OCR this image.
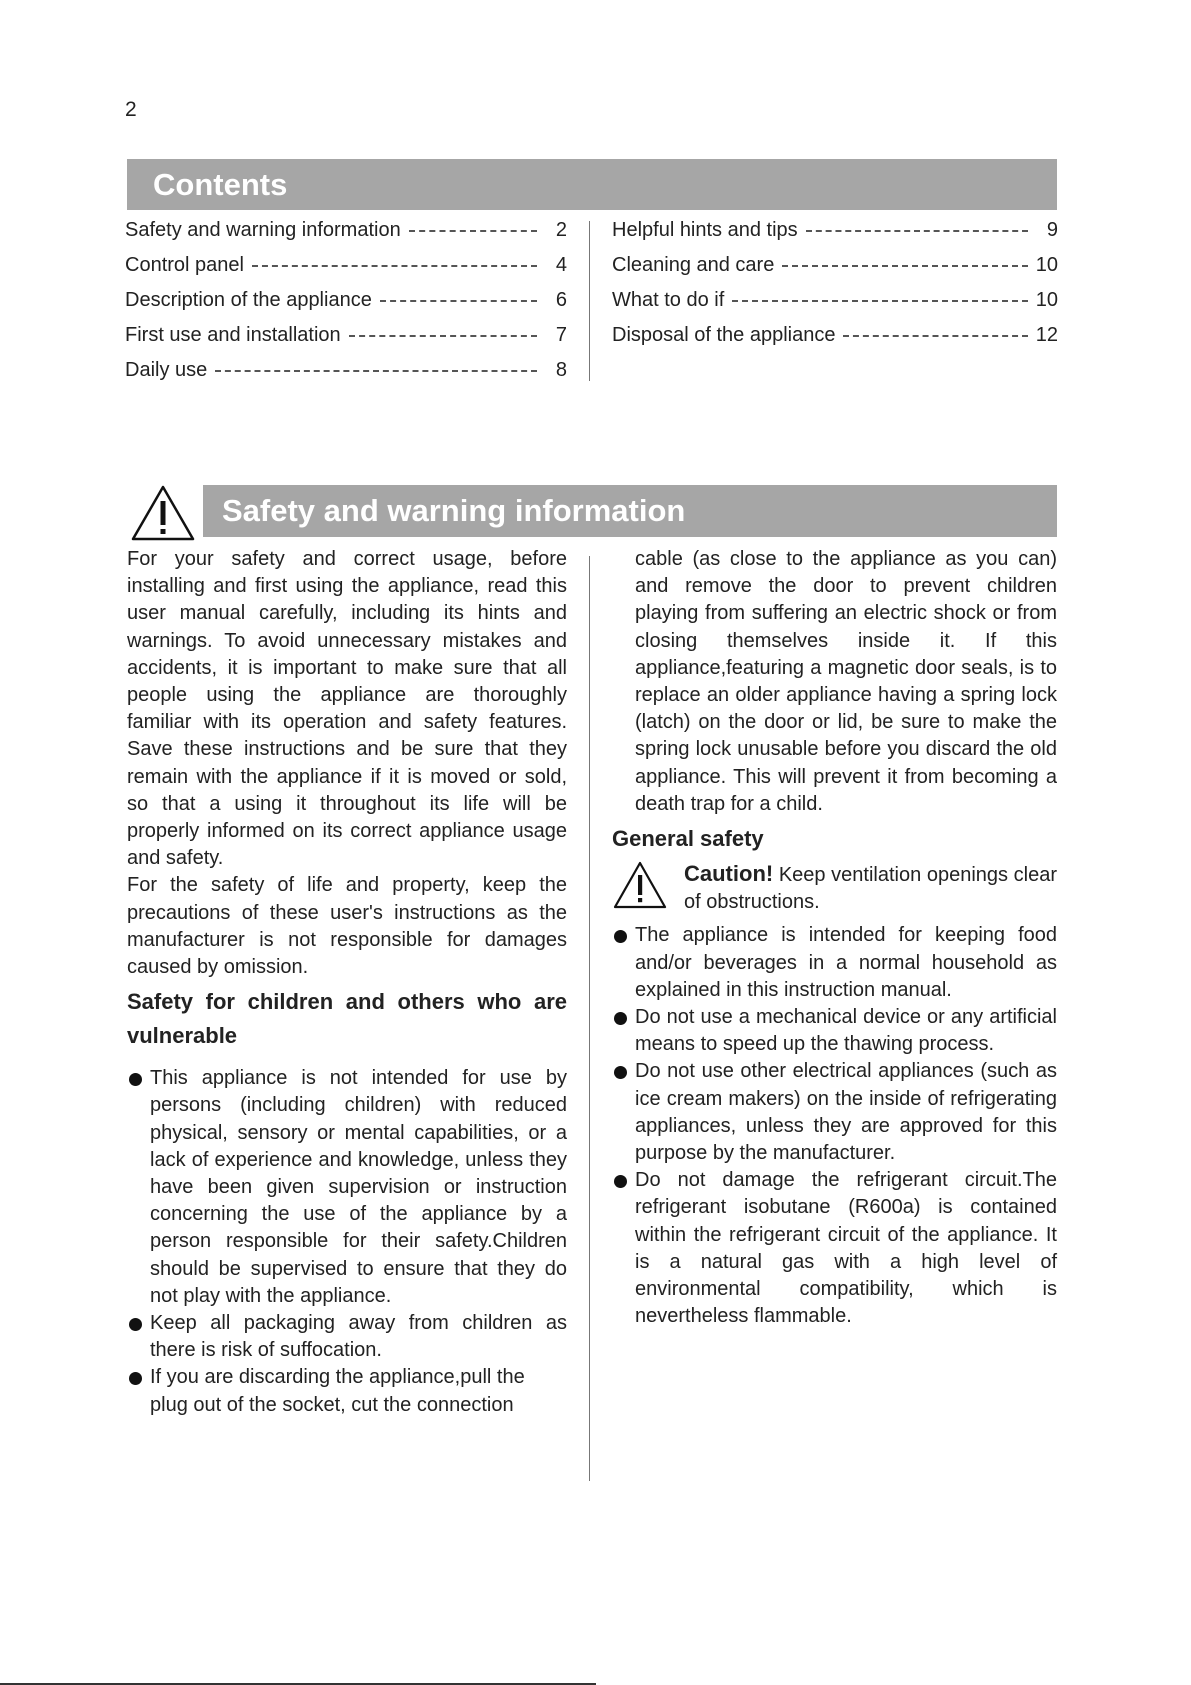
2
Contents
Safety and warning information	2
Control panel	4
Description of the appliance	6
First use and installation	7
Daily use	8
Helpful hints and tips	9
Cleaning and care	10
What to do if	10
Disposal of the appliance	12
Safety and warning information

For your safety and correct usage, before installing and first using the appliance, read this user manual carefully, including its hints and warnings. To avoid unnecessary mistakes and accidents, it is important to make sure that all people using the appliance are thoroughly familiar with its operation and safety features. Save these instructions and be sure that they remain with the appliance if it is moved or sold, so that a using it throughout its life will be properly informed on its correct appliance usage and safety.

For the safety of life and property, keep the precautions of these user's instructions as the manufacturer is not responsible for damages caused by omission.

Safety for children and others who are vulnerable
This appliance is not intended for use by persons (including children) with reduced physical, sensory or mental capabilities, or a lack of experience and knowledge, unless they have been given supervision or instruction concerning the use of the appliance by a person responsible for their safety.Children should be supervised to ensure that they do not play with the appliance.
Keep all packaging away from children as there is risk of suffocation.
If you are discarding the appliance,pull the plug out of the socket, cut the connection

cable (as close to the appliance as you can) and remove the door to prevent children playing from suffering an electric shock or from closing themselves inside it. If this appliance,featuring a magnetic door seals, is to replace an older appliance having a spring lock (latch) on the door or lid, be sure to make the spring lock unusable before you discard the old appliance. This will prevent it from becoming a death trap for a child.

General safety
Caution! Keep ventilation openings clear of obstructions.
The appliance is intended for keeping food and/or beverages in a normal household as explained in this instruction manual.
Do not use a mechanical device or any artificial means to speed up the thawing process.
Do not use other electrical appliances (such as ice cream makers) on the inside of refrigerating appliances, unless they are approved for this purpose by the manufacturer.
Do not damage the refrigerant circuit.The refrigerant isobutane (R600a) is contained within the refrigerant circuit of the appliance. It is a natural gas with a high level of environmental compatibility, which is nevertheless flammable.
